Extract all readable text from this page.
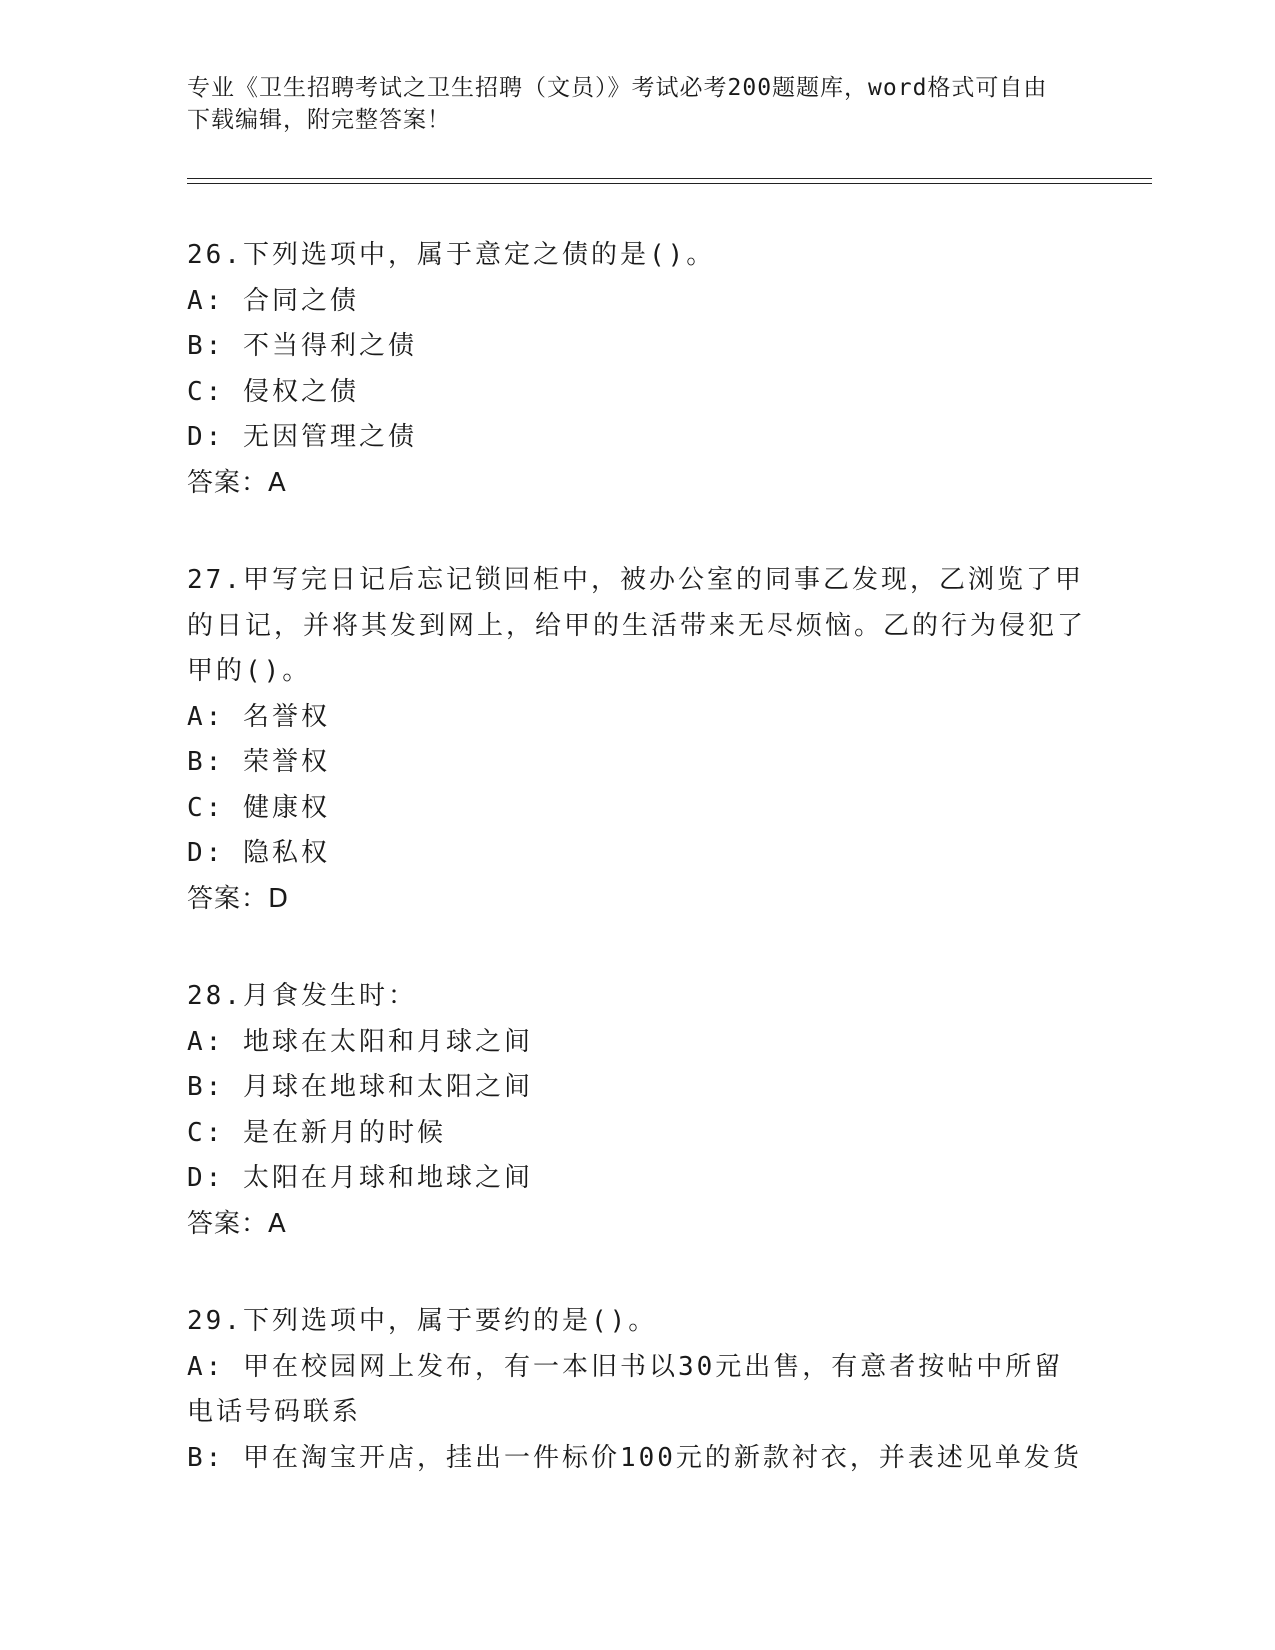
专业《卫生招聘考试之卫生招聘（文员）》考试必考200题题库，word格式可自由下载编辑，附完整答案！
26.下列选项中，属于意定之债的是()。
A: 合同之债
B: 不当得利之债
C: 侵权之债
D: 无因管理之债
答案：A
27.甲写完日记后忘记锁回柜中，被办公室的同事乙发现，乙浏览了甲的日记，并将其发到网上，给甲的生活带来无尽烦恼。乙的行为侵犯了甲的()。
A: 名誉权
B: 荣誉权
C: 健康权
D: 隐私权
答案：D
28.月食发生时：
A: 地球在太阳和月球之间
B: 月球在地球和太阳之间
C: 是在新月的时候
D: 太阳在月球和地球之间
答案：A
29.下列选项中，属于要约的是()。
A: 甲在校园网上发布，有一本旧书以30元出售，有意者按帖中所留电话号码联系
B: 甲在淘宝开店，挂出一件标价100元的新款衬衣，并表述见单发货
